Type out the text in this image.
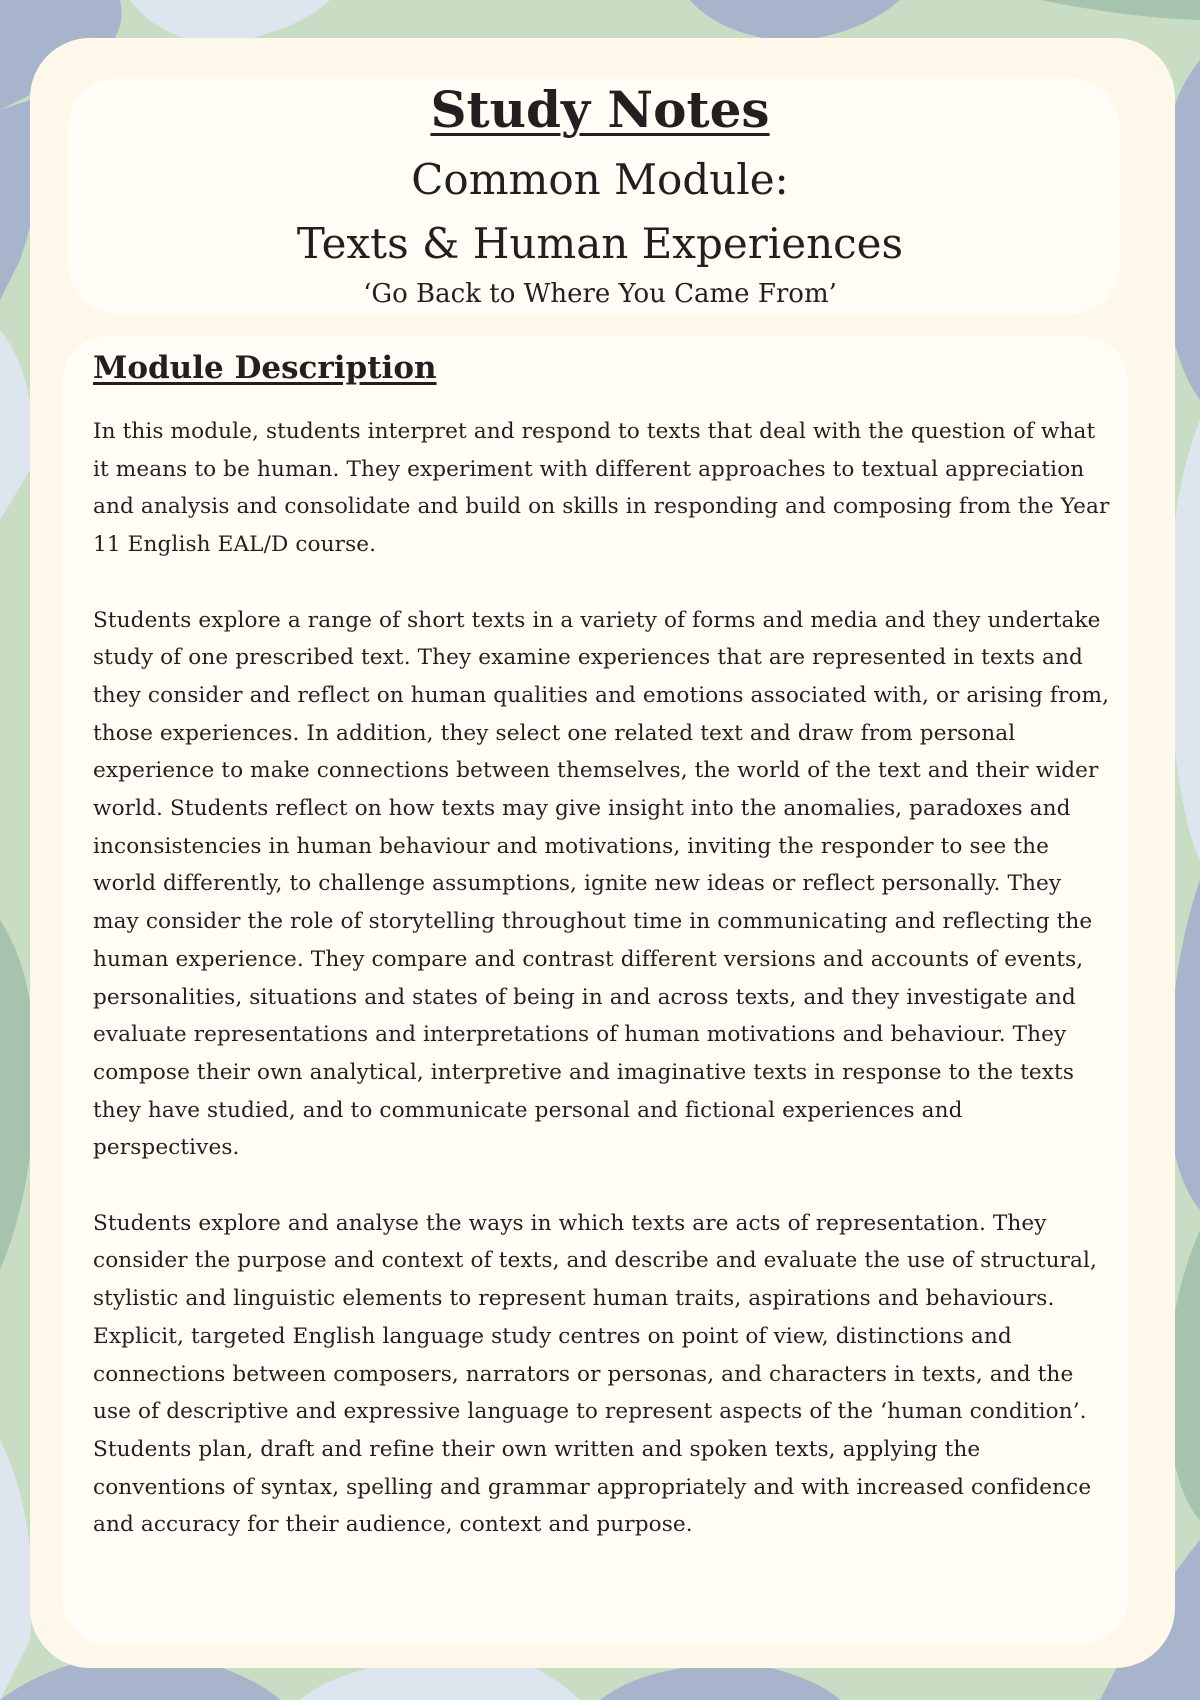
Study Notes
Common Module:
Texts & Human Experiences
‘Go Back to Where You Came From’
Module Description

In this module, students interpret and respond to texts that deal with the question of what it means to be human. They experiment with different approaches to textual appreciation and analysis and consolidate and build on skills in responding and composing from the Year 11 English EAL/D course.

Students explore a range of short texts in a variety of forms and media and they undertake study of one prescribed text. They examine experiences that are represented in texts and they consider and reflect on human qualities and emotions associated with, or arising from, those experiences. In addition, they select one related text and draw from personal experience to make connections between themselves, the world of the text and their wider world. Students reflect on how texts may give insight into the anomalies, paradoxes and inconsistencies in human behaviour and motivations, inviting the responder to see the world differently, to challenge assumptions, ignite new ideas or reflect personally. They may consider the role of storytelling throughout time in communicating and reflecting the human experience. They compare and contrast different versions and accounts of events, personalities, situations and states of being in and across texts, and they investigate and evaluate representations and interpretations of human motivations and behaviour. They compose their own analytical, interpretive and imaginative texts in response to the texts they have studied, and to communicate personal and fictional experiences and perspectives.

Students explore and analyse the ways in which texts are acts of representation. They consider the purpose and context of texts, and describe and evaluate the use of structural, stylistic and linguistic elements to represent human traits, aspirations and behaviours. Explicit, targeted English language study centres on point of view, distinctions and connections between composers, narrators or personas, and characters in texts, and the use of descriptive and expressive language to represent aspects of the ‘human condition’. Students plan, draft and refine their own written and spoken texts, applying the conventions of syntax, spelling and grammar appropriately and with increased confidence and accuracy for their audience, context and purpose.
